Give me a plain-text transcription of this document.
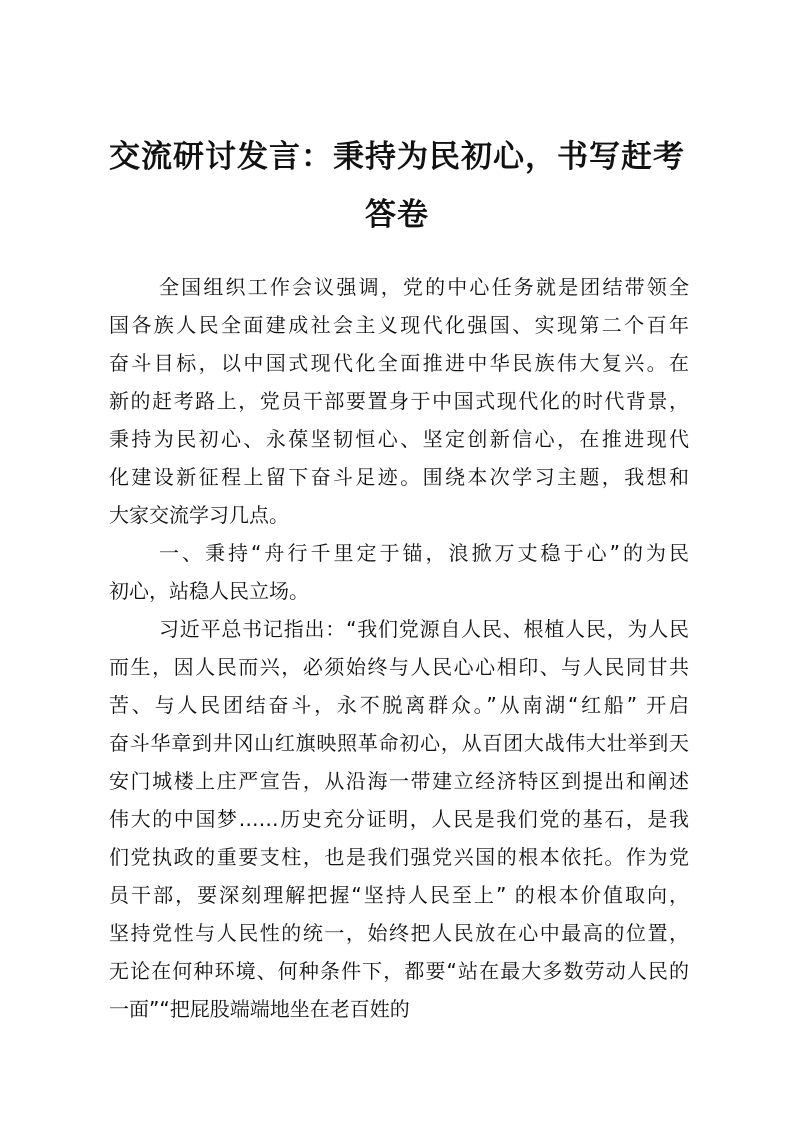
交流研讨发言：秉持为民初心，书写赶考
答卷
全国组织工作会议强调，党的中心任务就是团结带领全
国各族人民全面建成社会主义现代化强国、实现第二个百年
奋斗目标，以中国式现代化全面推进中华民族伟大复兴。在
新的赶考路上，党员干部要置身于中国式现代化的时代背景，
秉持为民初心、永葆坚韧恒心、坚定创新信心，在推进现代
化建设新征程上留下奋斗足迹。围绕本次学习主题，我想和
大家交流学习几点。
一、秉持“舟行千里定于锚，浪掀万丈稳于心”的为民
初心，站稳人民立场。
习近平总书记指出：“我们党源自人民、根植人民，为人民
而生，因人民而兴，必须始终与人民心心相印、与人民同甘共
苦、与人民团结奋斗，永不脱离群众。”从南湖“红船” 开启
奋斗华章到井冈山红旗映照革命初心，从百团大战伟大壮举到天
安门城楼上庄严宣告，从沿海一带建立经济特区到提出和阐述
伟大的中国梦……历史充分证明，人民是我们党的基石，是我
们党执政的重要支柱，也是我们强党兴国的根本依托。作为党
员干部，要深刻理解把握“坚持人民至上” 的根本价值取向，
坚持党性与人民性的统一，始终把人民放在心中最高的位置，
无论在何种环境、何种条件下，都要“站在最大多数劳动人民的
一面”“把屁股端端地坐在老百姓的
